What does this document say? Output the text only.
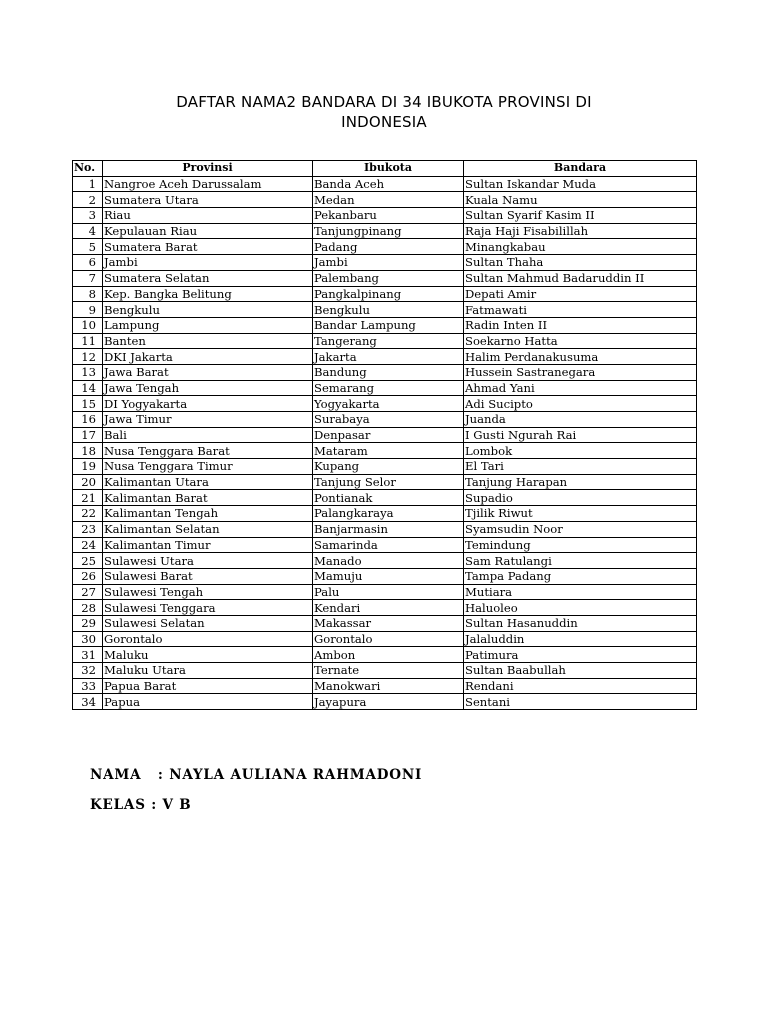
DAFTAR NAMA2 BANDARA DI 34 IBUKOTA PROVINSI DI
INDONESIA
No.	Provinsi	Ibukota	Bandara
1	Nangroe Aceh Darussalam	Banda Aceh	Sultan Iskandar Muda
2	Sumatera Utara	Medan	Kuala Namu
3	Riau	Pekanbaru	Sultan Syarif Kasim II
4	Kepulauan Riau	Tanjungpinang	Raja Haji Fisabilillah
5	Sumatera Barat	Padang	Minangkabau
6	Jambi	Jambi	Sultan Thaha
7	Sumatera Selatan	Palembang	Sultan Mahmud Badaruddin II
8	Kep. Bangka Belitung	Pangkalpinang	Depati Amir
9	Bengkulu	Bengkulu	Fatmawati
10	Lampung	Bandar Lampung	Radin Inten II
11	Banten	Tangerang	Soekarno Hatta
12	DKI Jakarta	Jakarta	Halim Perdanakusuma
13	Jawa Barat	Bandung	Hussein Sastranegara
14	Jawa Tengah	Semarang	Ahmad Yani
15	DI Yogyakarta	Yogyakarta	Adi Sucipto
16	Jawa Timur	Surabaya	Juanda
17	Bali	Denpasar	I Gusti Ngurah Rai
18	Nusa Tenggara Barat	Mataram	Lombok
19	Nusa Tenggara Timur	Kupang	El Tari
20	Kalimantan Utara	Tanjung Selor	Tanjung Harapan
21	Kalimantan Barat	Pontianak	Supadio
22	Kalimantan Tengah	Palangkaraya	Tjilik Riwut
23	Kalimantan Selatan	Banjarmasin	Syamsudin Noor
24	Kalimantan Timur	Samarinda	Temindung
25	Sulawesi Utara	Manado	Sam Ratulangi
26	Sulawesi Barat	Mamuju	Tampa Padang
27	Sulawesi Tengah	Palu	Mutiara
28	Sulawesi Tenggara	Kendari	Haluoleo
29	Sulawesi Selatan	Makassar	Sultan Hasanuddin
30	Gorontalo	Gorontalo	Jalaluddin
31	Maluku	Ambon	Patimura
32	Maluku Utara	Ternate	Sultan Baabullah
33	Papua Barat	Manokwari	Rendani
34	Papua	Jayapura	Sentani
NAMA   : NAYLA AULIANA RAHMADONI
KELAS : V B
